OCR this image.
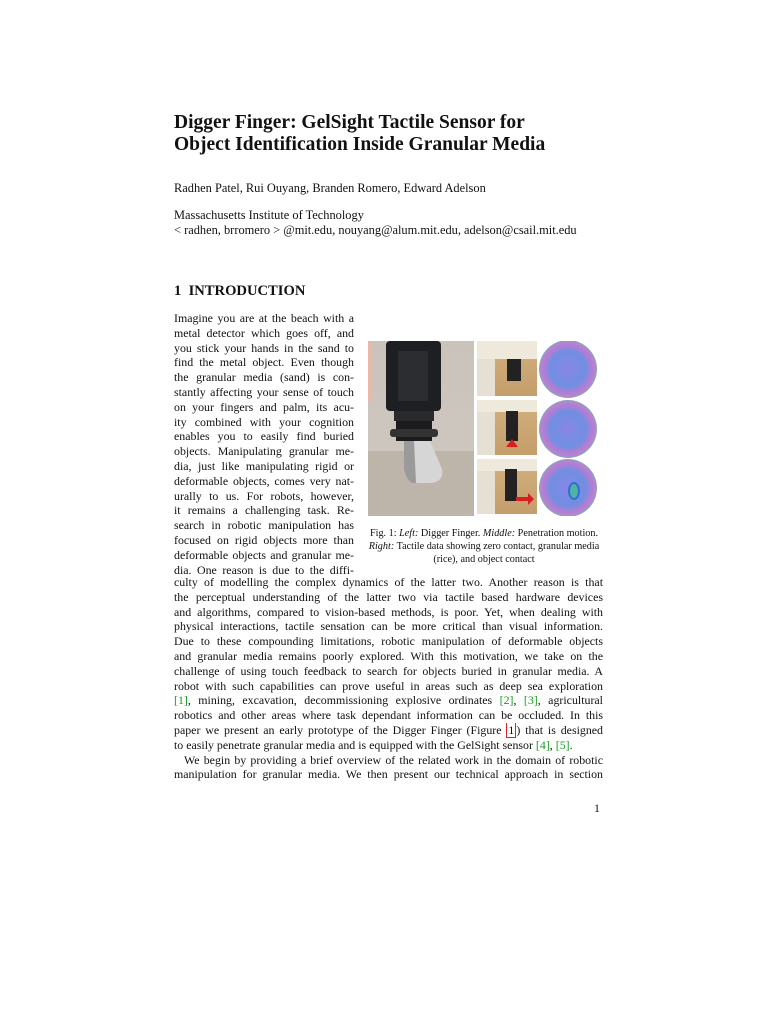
Digger Finger: GelSight Tactile Sensor for
Object Identification Inside Granular Media
Radhen Patel, Rui Ouyang, Branden Romero, Edward Adelson
Massachusetts Institute of Technology
< radhen, brromero > @mit.edu, nouyang@alum.mit.edu, adelson@csail.mit.edu
1 INTRODUCTION
Imagine you are at the beach with a
metal detector which goes off, and
you stick your hands in the sand to
find the metal object. Even though
the granular media (sand) is con-
stantly affecting your sense of touch
on your fingers and palm, its acu-
ity combined with your cognition
enables you to easily find buried
objects. Manipulating granular me-
dia, just like manipulating rigid or
deformable objects, comes very nat-
urally to us. For robots, however,
it remains a challenging task. Re-
search in robotic manipulation has
focused on rigid objects more than
deformable objects and granular me-
dia. One reason is due to the diffi-
Fig. 1: Left: Digger Finger. Middle: Penetration motion. Right: Tactile data showing zero contact, granular media (rice), and object contact
culty of modelling the complex dynamics of the latter two. Another reason is that
the perceptual understanding of the latter two via tactile based hardware devices
and algorithms, compared to vision-based methods, is poor. Yet, when dealing with
physical interactions, tactile sensation can be more critical than visual information.
Due to these compounding limitations, robotic manipulation of deformable objects
and granular media remains poorly explored. With this motivation, we take on the
challenge of using touch feedback to search for objects buried in granular media. A
robot with such capabilities can prove useful in areas such as deep sea exploration
[1], mining, excavation, decommissioning explosive ordinates [2], [3], agricultural
robotics and other areas where task dependant information can be occluded. In this
paper we present an early prototype of the Digger Finger (Figure 1 ) that is designed
to easily penetrate granular media and is equipped with the GelSight sensor [4], [5].
We begin by providing a brief overview of the related work in the domain of robotic
manipulation for granular media. We then present our technical approach in section
1
